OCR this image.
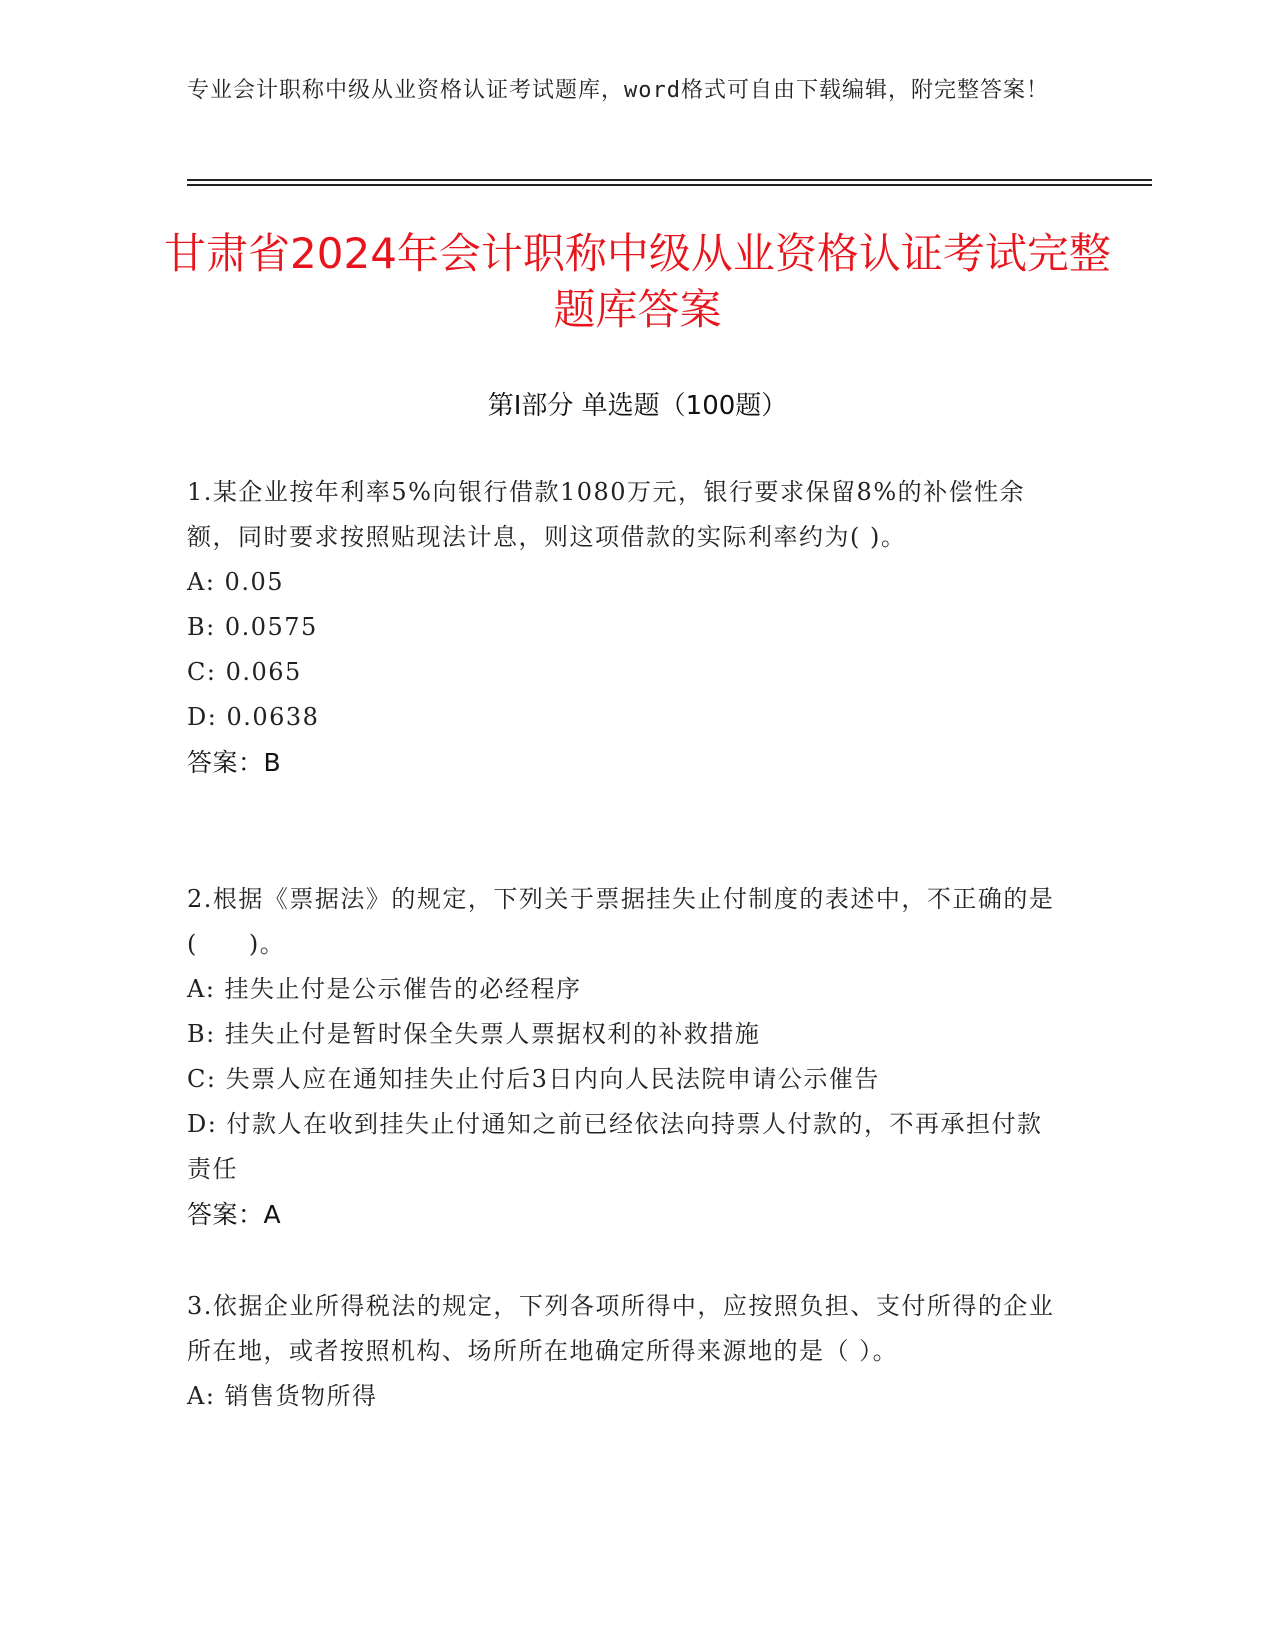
专业会计职称中级从业资格认证考试题库，word格式可自由下载编辑，附完整答案！
甘肃省2024年会计职称中级从业资格认证考试完整题库答案
第Ⅰ部分 单选题（100题）
1.某企业按年利率5%向银行借款1080万元，银行要求保留8%的补偿性余额，同时要求按照贴现法计息，则这项借款的实际利率约为( )。
A: 0.05
B: 0.0575
C: 0.065
D: 0.0638
答案：B
2.根据《票据法》的规定，下列关于票据挂失止付制度的表述中，不正确的是(　　)。
A: 挂失止付是公示催告的必经程序
B: 挂失止付是暂时保全失票人票据权利的补救措施
C: 失票人应在通知挂失止付后3日内向人民法院申请公示催告
D: 付款人在收到挂失止付通知之前已经依法向持票人付款的，不再承担付款责任
答案：A
3.依据企业所得税法的规定，下列各项所得中，应按照负担、支付所得的企业所在地，或者按照机构、场所所在地确定所得来源地的是（ ）。
A: 销售货物所得
